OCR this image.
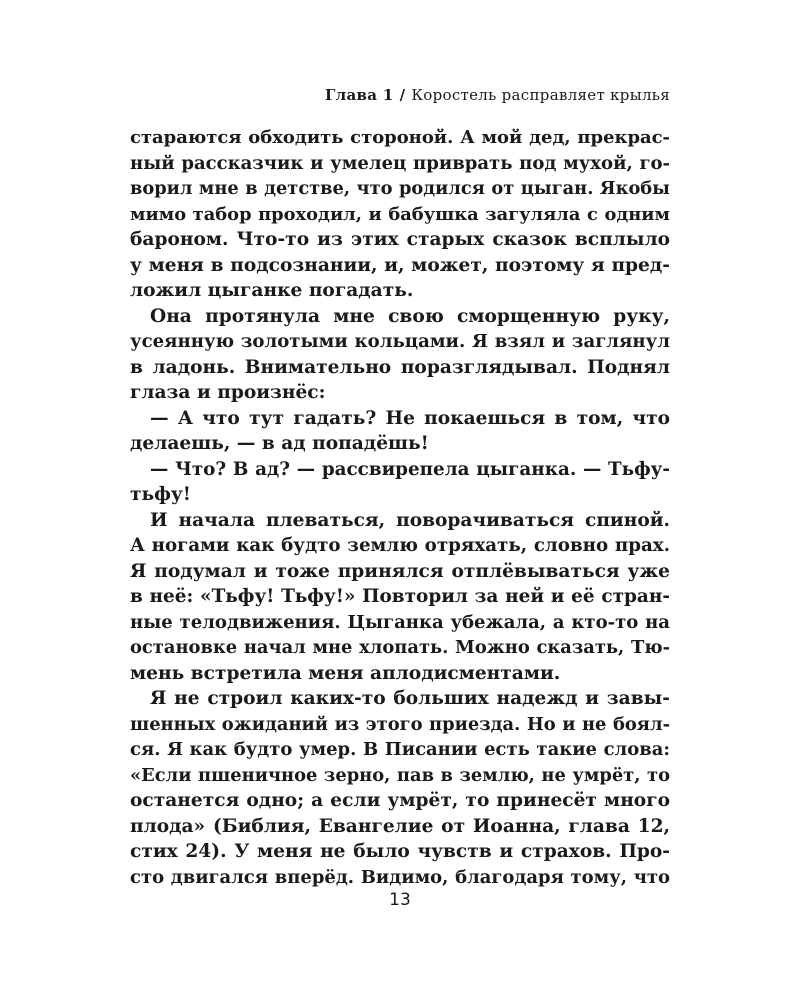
Глава 1 / Коростель расправляет крылья
стараются обходить стороной. А мой дед, прекрас-
ный рассказчик и умелец приврать под мухой, го-
ворил мне в детстве, что родился от цыган. Якобы
мимо табор проходил, и бабушка загуляла с одним
бароном. Что-то из этих старых сказок всплыло
у меня в подсознании, и, может, поэтому я пред-
ложил цыганке погадать.
Она протянула мне свою сморщенную руку,
усеянную золотыми кольцами. Я взял и заглянул
в ладонь. Внимательно поразглядывал. Поднял
глаза и произнёс:
— А что тут гадать? Не покаешься в том, что
делаешь, — в ад попадёшь!
— Что? В ад? — рассвирепела цыганка. — Тьфу-
тьфу!
И начала плеваться, поворачиваться спиной.
А ногами как будто землю отряхать, словно прах.
Я подумал и тоже принялся отплёвываться уже
в неё: «Тьфу! Тьфу!» Повторил за ней и её стран-
ные телодвижения. Цыганка убежала, а кто-то на
остановке начал мне хлопать. Можно сказать, Тю-
мень встретила меня аплодисментами.
Я не строил каких-то больших надежд и завы-
шенных ожиданий из этого приезда. Но и не боял-
ся. Я как будто умер. В Писании есть такие слова:
«Если пшеничное зерно, пав в землю, не умрёт, то
останется одно; а если умрёт, то принесёт много
плода» (Библия, Евангелие от Иоанна, глава 12,
стих 24). У меня не было чувств и страхов. Про-
сто двигался вперёд. Видимо, благодаря тому, что
13
